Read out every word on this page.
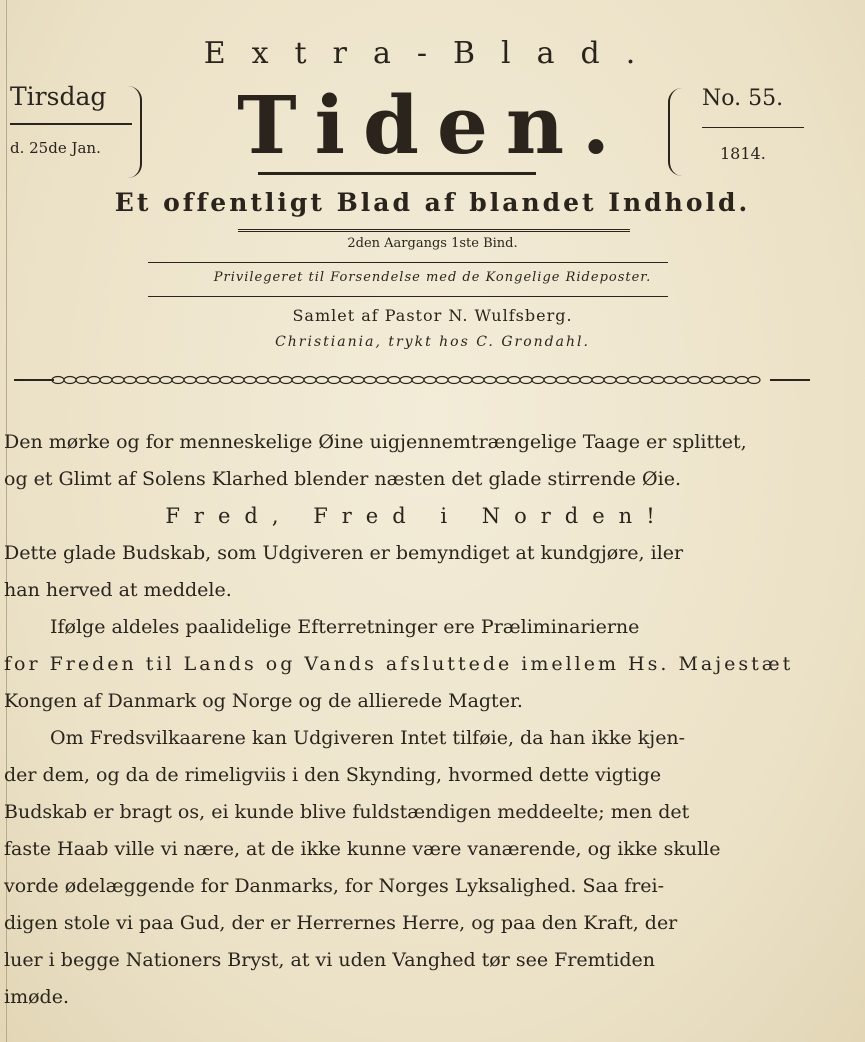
Extra-Blad.
Tirsdag
d. 25de Jan.	Tiden.	No. 55.
1814.
Et offentligt Blad af blandet Indhold.
2den Aargangs 1ste Bind.
Privilegeret til Forsendelse med de Kongelige Rideposter.
Samlet af Pastor N. Wulfsberg.
Christiania, trykt hos C. Grondahl.
Den mørke og for menneskelige Øine uigjennemtrængelige Taage er splittet,
og et Glimt af Solens Klarhed blender næsten det glade stirrende Øie.
Fred, Fred i Norden!
Dette glade Budskab, som Udgiveren er bemyndiget at kundgjøre, iler
han herved at meddele.
Ifølge aldeles paalidelige Efterretninger ere Præliminarierne
for Freden til Lands og Vands afsluttede imellem Hs. Majestæt
Kongen af Danmark og Norge og de allierede Magter.
Om Fredsvilkaarene kan Udgiveren Intet tilføie, da han ikke kjen-
der dem, og da de rimeligviis i den Skynding, hvormed dette vigtige
Budskab er bragt os, ei kunde blive fuldstændigen meddeelte; men det
faste Haab ville vi nære, at de ikke kunne være vanærende, og ikke skulle
vorde ødelæggende for Danmarks, for Norges Lyksalighed. Saa frei-
digen stole vi paa Gud, der er Herrernes Herre, og paa den Kraft, der
luer i begge Nationers Bryst, at vi uden Vanghed tør see Fremtiden
imøde.
